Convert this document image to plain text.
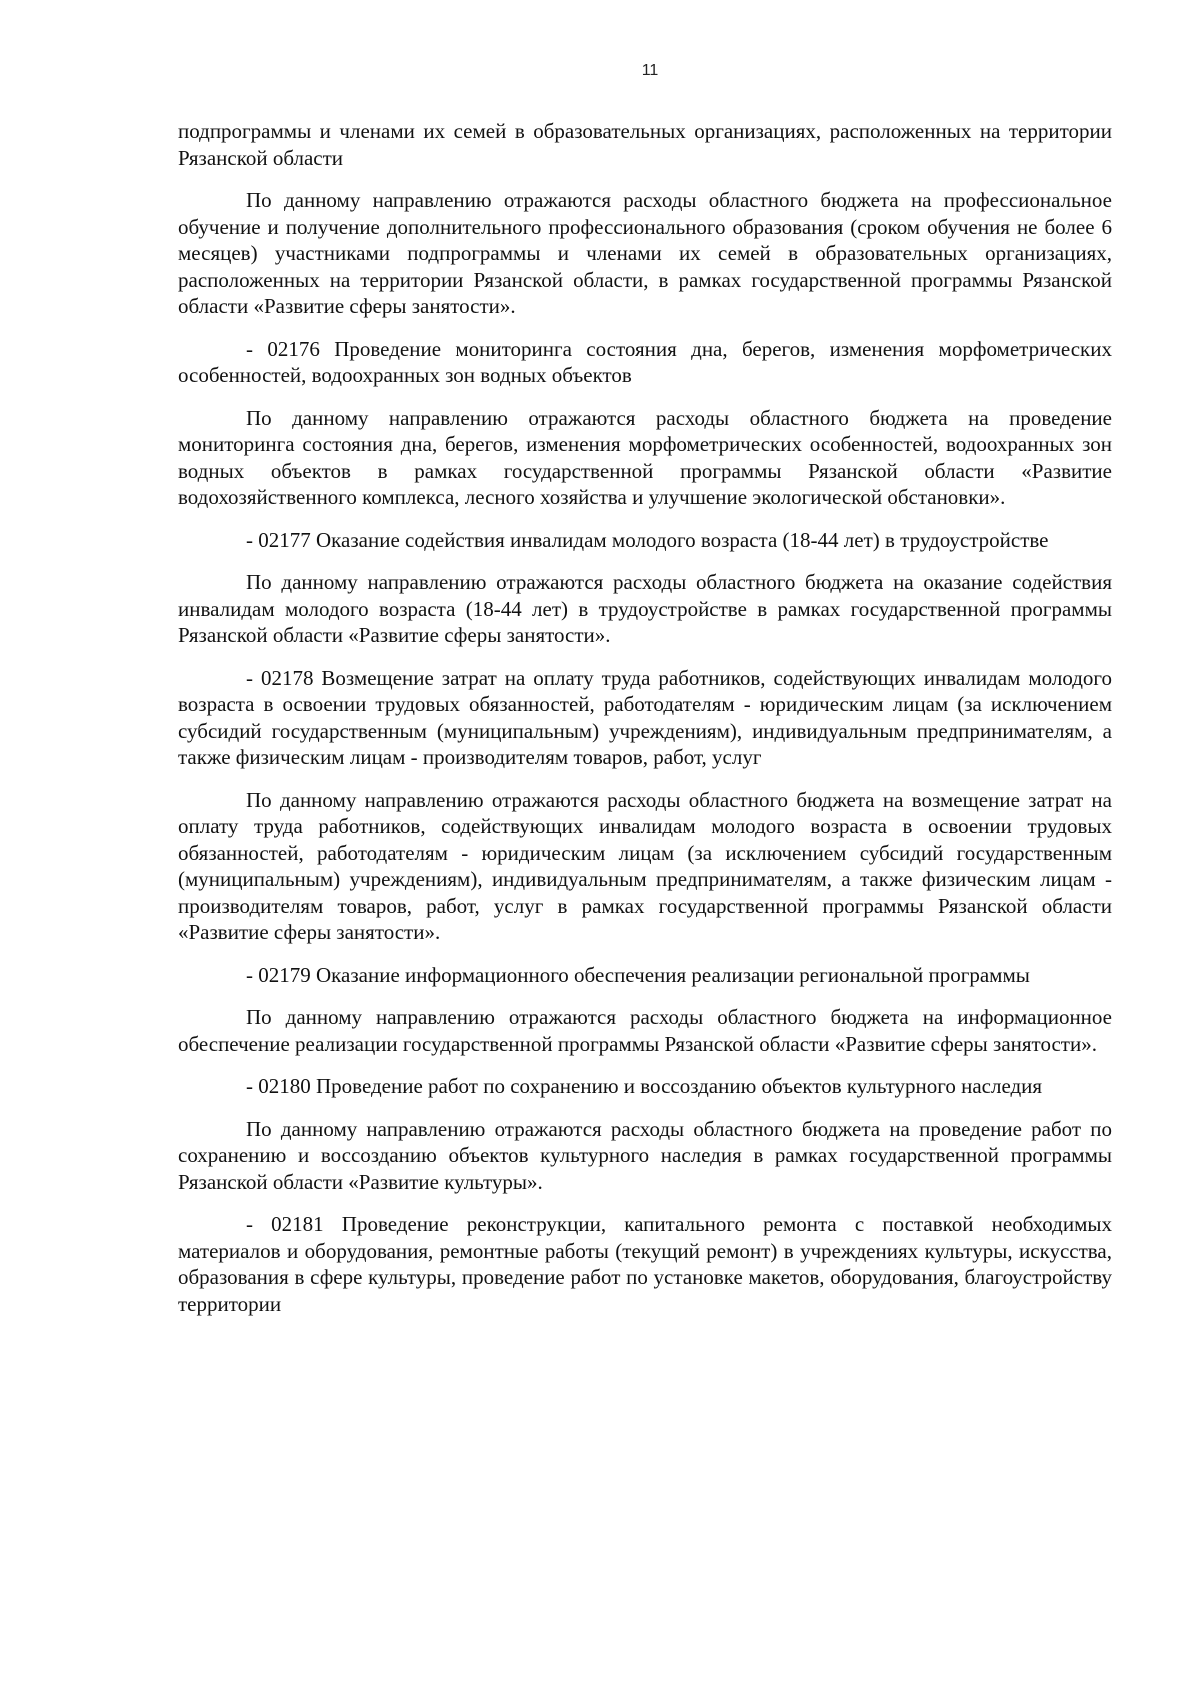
11

подпрограммы и членами их семей в образовательных организациях, расположенных на территории Рязанской области

По данному направлению отражаются расходы областного бюджета на профессиональное обучение и получение дополнительного профессионального образования (сроком обучения не более 6 месяцев) участниками подпрограммы и членами их семей в образовательных организациях, расположенных на территории Рязанской области, в рамках государственной программы Рязанской области «Развитие сферы занятости».

- 02176 Проведение мониторинга состояния дна, берегов, изменения морфометрических особенностей, водоохранных зон водных объектов

По данному направлению отражаются расходы областного бюджета на проведение мониторинга состояния дна, берегов, изменения морфометрических особенностей, водоохранных зон водных объектов в рамках государственной программы Рязанской области «Развитие водохозяйственного комплекса, лесного хозяйства и улучшение экологической обстановки».

- 02177 Оказание содействия инвалидам молодого возраста (18-44 лет) в трудоустройстве

По данному направлению отражаются расходы областного бюджета на оказание содействия инвалидам молодого возраста (18-44 лет) в трудоустройстве в рамках государственной программы Рязанской области «Развитие сферы занятости».

- 02178 Возмещение затрат на оплату труда работников, содействующих инвалидам молодого возраста в освоении трудовых обязанностей, работодателям - юридическим лицам (за исключением субсидий государственным (муниципальным) учреждениям), индивидуальным предпринимателям, а также физическим лицам - производителям товаров, работ, услуг

По данному направлению отражаются расходы областного бюджета на возмещение затрат на оплату труда работников, содействующих инвалидам молодого возраста в освоении трудовых обязанностей, работодателям - юридическим лицам (за исключением субсидий государственным (муниципальным) учреждениям), индивидуальным предпринимателям, а также физическим лицам - производителям товаров, работ, услуг в рамках государственной программы Рязанской области «Развитие сферы занятости».

- 02179 Оказание информационного обеспечения реализации региональной программы

По данному направлению отражаются расходы областного бюджета на информационное обеспечение реализации государственной программы Рязанской области «Развитие сферы занятости».

- 02180 Проведение работ по сохранению и воссозданию объектов культурного наследия

По данному направлению отражаются расходы областного бюджета на проведение работ по сохранению и воссозданию объектов культурного наследия в рамках государственной программы Рязанской области «Развитие культуры».

- 02181 Проведение реконструкции, капитального ремонта с поставкой необходимых материалов и оборудования, ремонтные работы (текущий ремонт) в учреждениях культуры, искусства, образования в сфере культуры, проведение работ по установке макетов, оборудования, благоустройству территории
